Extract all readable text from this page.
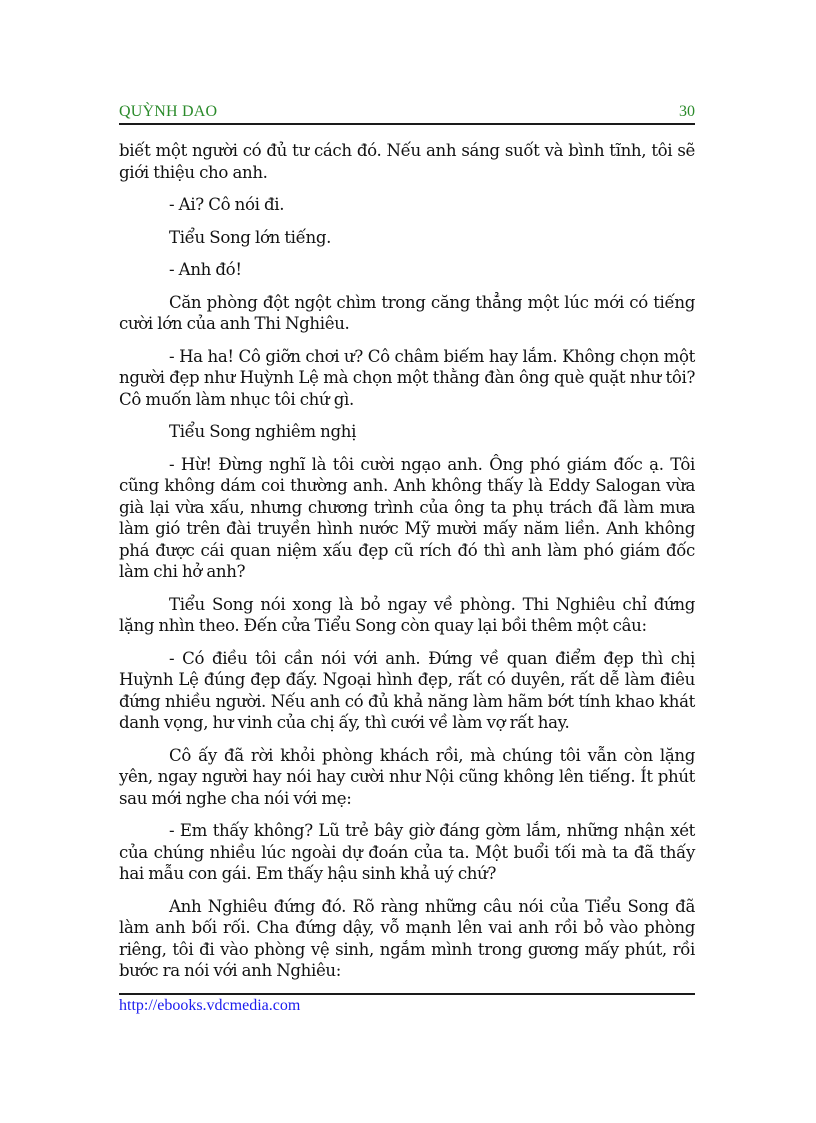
QUỲNH DAO	30

biết một người có đủ tư cách đó. Nếu anh sáng suốt và bình tĩnh, tôi sẽ giới thiệu cho anh.

- Ai? Cô nói đi.

Tiểu Song lớn tiếng.

- Anh đó!

Căn phòng đột ngột chìm trong căng thẳng một lúc mới có tiếng cười lớn của anh Thi Nghiêu.

- Ha ha! Cô giỡn chơi ư? Cô châm biếm hay lắm. Không chọn một người đẹp như Huỳnh Lệ mà chọn một thằng đàn ông què quặt như tôi? Cô muốn làm nhục tôi chứ gì.

Tiểu Song nghiêm nghị

- Hừ! Đừng nghĩ là tôi cười ngạo anh. Ông phó giám đốc ạ. Tôi cũng không dám coi thường anh. Anh không thấy là Eddy Salogan vừa già lại vừa xấu, nhưng chương trình của ông ta phụ trách đã làm mưa làm gió trên đài truyền hình nước Mỹ mười mấy năm liền. Anh không phá được cái quan niệm xấu đẹp cũ rích đó thì anh làm phó giám đốc làm chi hở anh?

Tiểu Song nói xong là bỏ ngay về phòng. Thi Nghiêu chỉ đứng lặng nhìn theo. Đến cửa Tiểu Song còn quay lại bồi thêm một câu:

- Có điều tôi cần nói với anh. Đứng về quan điểm đẹp thì chị Huỳnh Lệ đúng đẹp đấy. Ngoại hình đẹp, rất có duyên, rất dễ làm điêu đứng nhiều người. Nếu anh có đủ khả năng làm hãm bớt tính khao khát danh vọng, hư vinh của chị ấy, thì cưới về làm vợ rất hay.

Cô ấy đã rời khỏi phòng khách rồi, mà chúng tôi vẫn còn lặng yên, ngay người hay nói hay cười như Nội cũng không lên tiếng. Ít phút sau mới nghe cha nói với mẹ:

- Em thấy không? Lũ trẻ bây giờ đáng gờm lắm, những nhận xét của chúng nhiều lúc ngoài dự đoán của ta. Một buổi tối mà ta đã thấy hai mẫu con gái. Em thấy hậu sinh khả uý chứ?

Anh Nghiêu đứng đó. Rõ ràng những câu nói của Tiểu Song đã làm anh bối rối. Cha đứng dậy, vỗ mạnh lên vai anh rồi bỏ vào phòng riêng, tôi đi vào phòng vệ sinh, ngắm mình trong gương mấy phút, rồi bước ra nói với anh Nghiêu:

http://ebooks.vdcmedia.com
